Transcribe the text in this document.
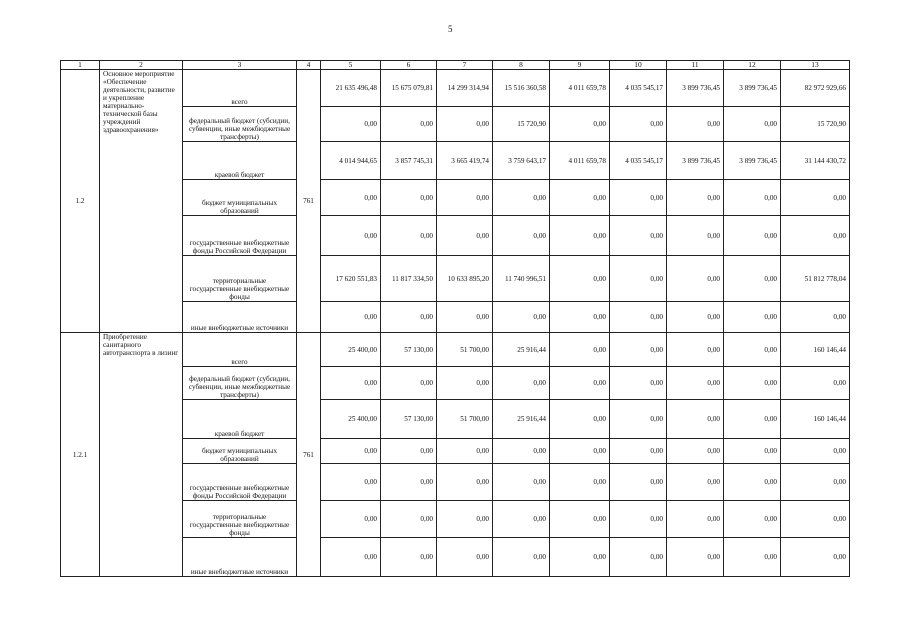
5
1	2	3	4	5	6	7	8	9	10	11	12	13
1.2	Основное мероприятие «Обеспечение деятельности, развитие и укрепление материально-технической базы учреждений здравоохранения»	всего	761	21 635 496,48	15 675 079,81	14 299 314,94	15 516 360,58	4 011 659,78	4 035 545,17	3 899 736,45	3 899 736,45	82 972 929,66
		федеральный бюджет (субсидии, субвенции, иные межбюджетные трансферты)		0,00	0,00	0,00	15 720,90	0,00	0,00	0,00	0,00	15 720,90
		краевой бюджет		4 014 944,65	3 857 745,31	3 665 419,74	3 759 643,17	4 011 659,78	4 035 545,17	3 899 736,45	3 899 736,45	31 144 430,72
		бюджет муниципальных образований		0,00	0,00	0,00	0,00	0,00	0,00	0,00	0,00	0,00
		государственные внебюджетные фонды Российской Федерации		0,00	0,00	0,00	0,00	0,00	0,00	0,00	0,00	0,00
		территориальные государственные внебюджетные фонды		17 620 551,83	11 817 334,50	10 633 895,20	11 740 996,51	0,00	0,00	0,00	0,00	51 812 778,04
		иные внебюджетные источники		0,00	0,00	0,00	0,00	0,00	0,00	0,00	0,00	0,00
1.2.1	Приобретение санитарного автотранспорта в лизинг	всего	761	25 400,00	57 130,00	51 700,00	25 916,44	0,00	0,00	0,00	0,00	160 146,44
		федеральный бюджет (субсидии, субвенции, иные межбюджетные трансферты)		0,00	0,00	0,00	0,00	0,00	0,00	0,00	0,00	0,00
		краевой бюджет		25 400,00	57 130,00	51 700,00	25 916,44	0,00	0,00	0,00	0,00	160 146,44
		бюджет муниципальных образований		0,00	0,00	0,00	0,00	0,00	0,00	0,00	0,00	0,00
		государственные внебюджетные фонды Российской Федерации		0,00	0,00	0,00	0,00	0,00	0,00	0,00	0,00	0,00
		территориальные государственные внебюджетные фонды		0,00	0,00	0,00	0,00	0,00	0,00	0,00	0,00	0,00
		иные внебюджетные источники		0,00	0,00	0,00	0,00	0,00	0,00	0,00	0,00	0,00
